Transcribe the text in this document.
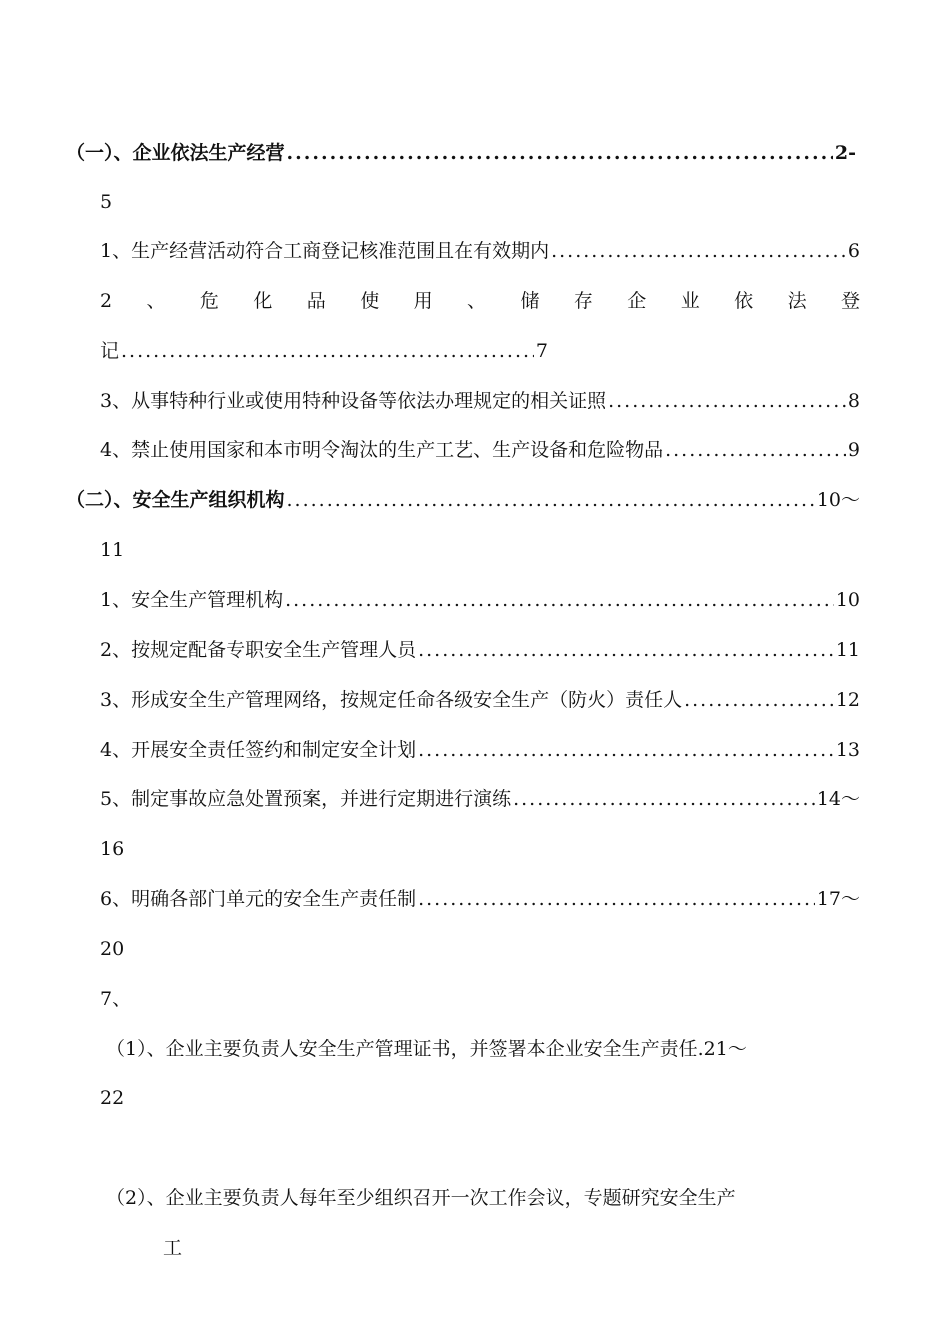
（一）、企业依法生产经营 .....	2-
5
1、生产经营活动符合工商登记核准范围且在有效期内 .....	6
2 、 危 化 品 使 用 、 储 存 企 业 依 法 登
记 .....	7
3、从事特种行业或使用特种设备等依法办理规定的相关证照 .....	8
4、禁止使用国家和本市明令淘汰的生产工艺、生产设备和危险物品 .....	9
（二）、安全生产组织机构 .....	10～
11
1、安全生产管理机构 .....	10
2、按规定配备专职安全生产管理人员 .....	11
3、形成安全生产管理网络，按规定任命各级安全生产（防火）责任人 .....	12
4、开展安全责任签约和制定安全计划 .....	13
5、制定事故应急处置预案，并进行定期进行演练 .....	14～
16
6、明确各部门单元的安全生产责任制 .....	17～
20
7、
（1）、企业主要负责人安全生产管理证书，并签署本企业安全生产责任. 21～
22
（2）、企业主要负责人每年至少组织召开一次工作会议，专题研究安全生产
工
